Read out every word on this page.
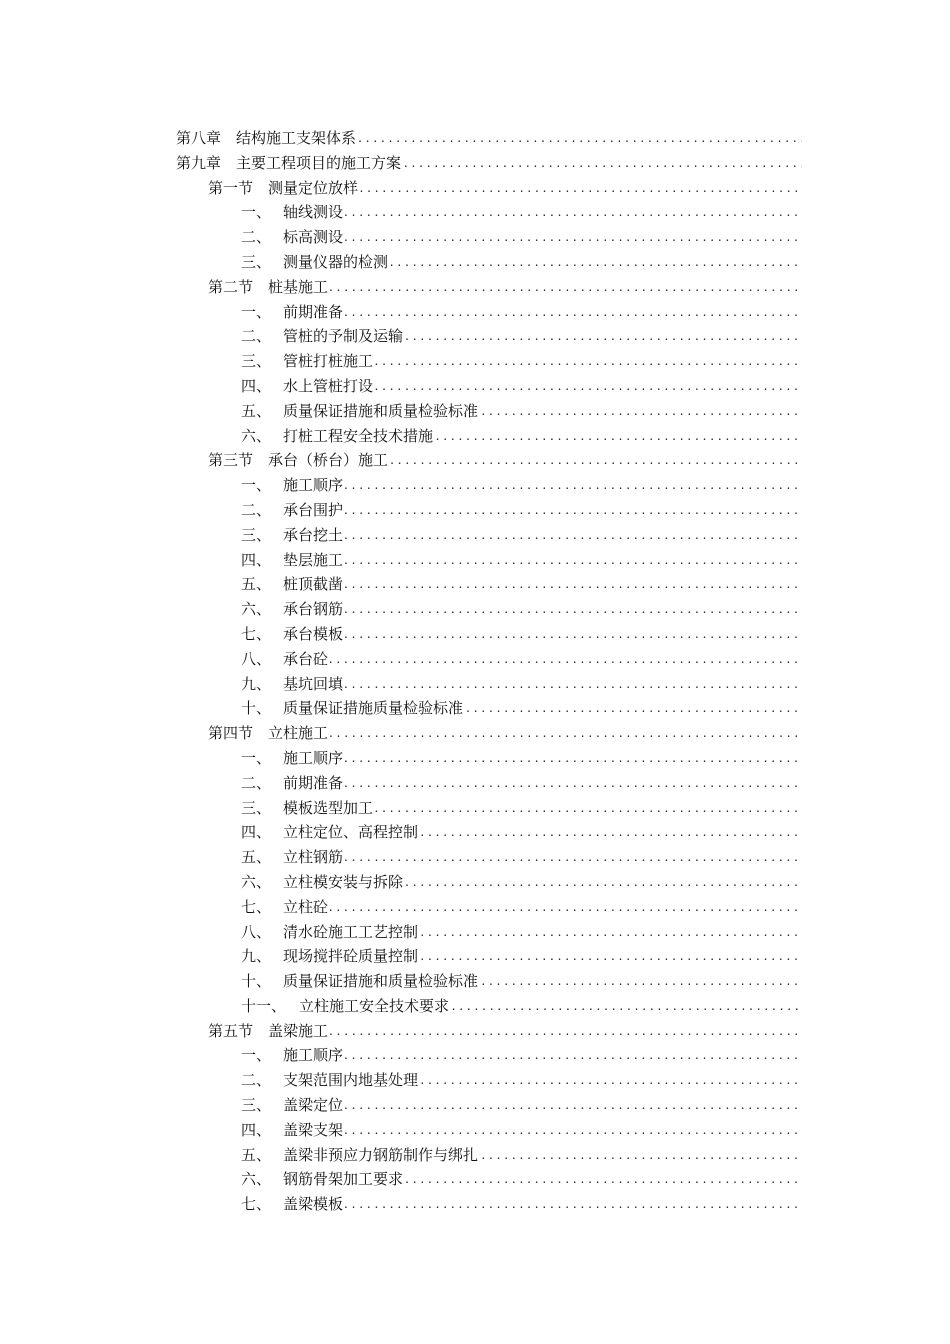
第八章 结构施工支架体系 . . .
第九章 主要工程项目的施工方案 . . .
第一节 测量定位放样 . . .
一、 轴线测设 . . .
二、 标高测设 . . .
三、 测量仪器的检测 . . .
第二节 桩基施工 . . .
一、 前期准备 . . .
二、 管桩的予制及运输 . . .
三、 管桩打桩施工 . . .
四、 水上管桩打设 . . .
五、 质量保证措施和质量检验标准 . . .
六、 打桩工程安全技术措施 . . .
第三节 承台（桥台）施工 . . .
一、 施工顺序 . . .
二、 承台围护 . . .
三、 承台挖土 . . .
四、 垫层施工 . . .
五、 桩顶截凿 . . .
六、 承台钢筋 . . .
七、 承台模板 . . .
八、 承台砼 . . .
九、 基坑回填 . . .
十、 质量保证措施质量检验标准 . . .
第四节 立柱施工 . . .
一、 施工顺序 . . .
二、 前期准备 . . .
三、 模板选型加工 . . .
四、 立柱定位、高程控制 . . .
五、 立柱钢筋 . . .
六、 立柱模安装与拆除 . . .
七、 立柱砼 . . .
八、 清水砼施工工艺控制 . . .
九、 现场搅拌砼质量控制 . . .
十、 质量保证措施和质量检验标准 . . .
十一、 立柱施工安全技术要求 . . .
第五节 盖梁施工 . . .
一、 施工顺序 . . .
二、 支架范围内地基处理 . . .
三、 盖梁定位 . . .
四、 盖梁支架 . . .
五、 盖梁非预应力钢筋制作与绑扎 . . .
六、 钢筋骨架加工要求 . . .
七、 盖梁模板 . . .
